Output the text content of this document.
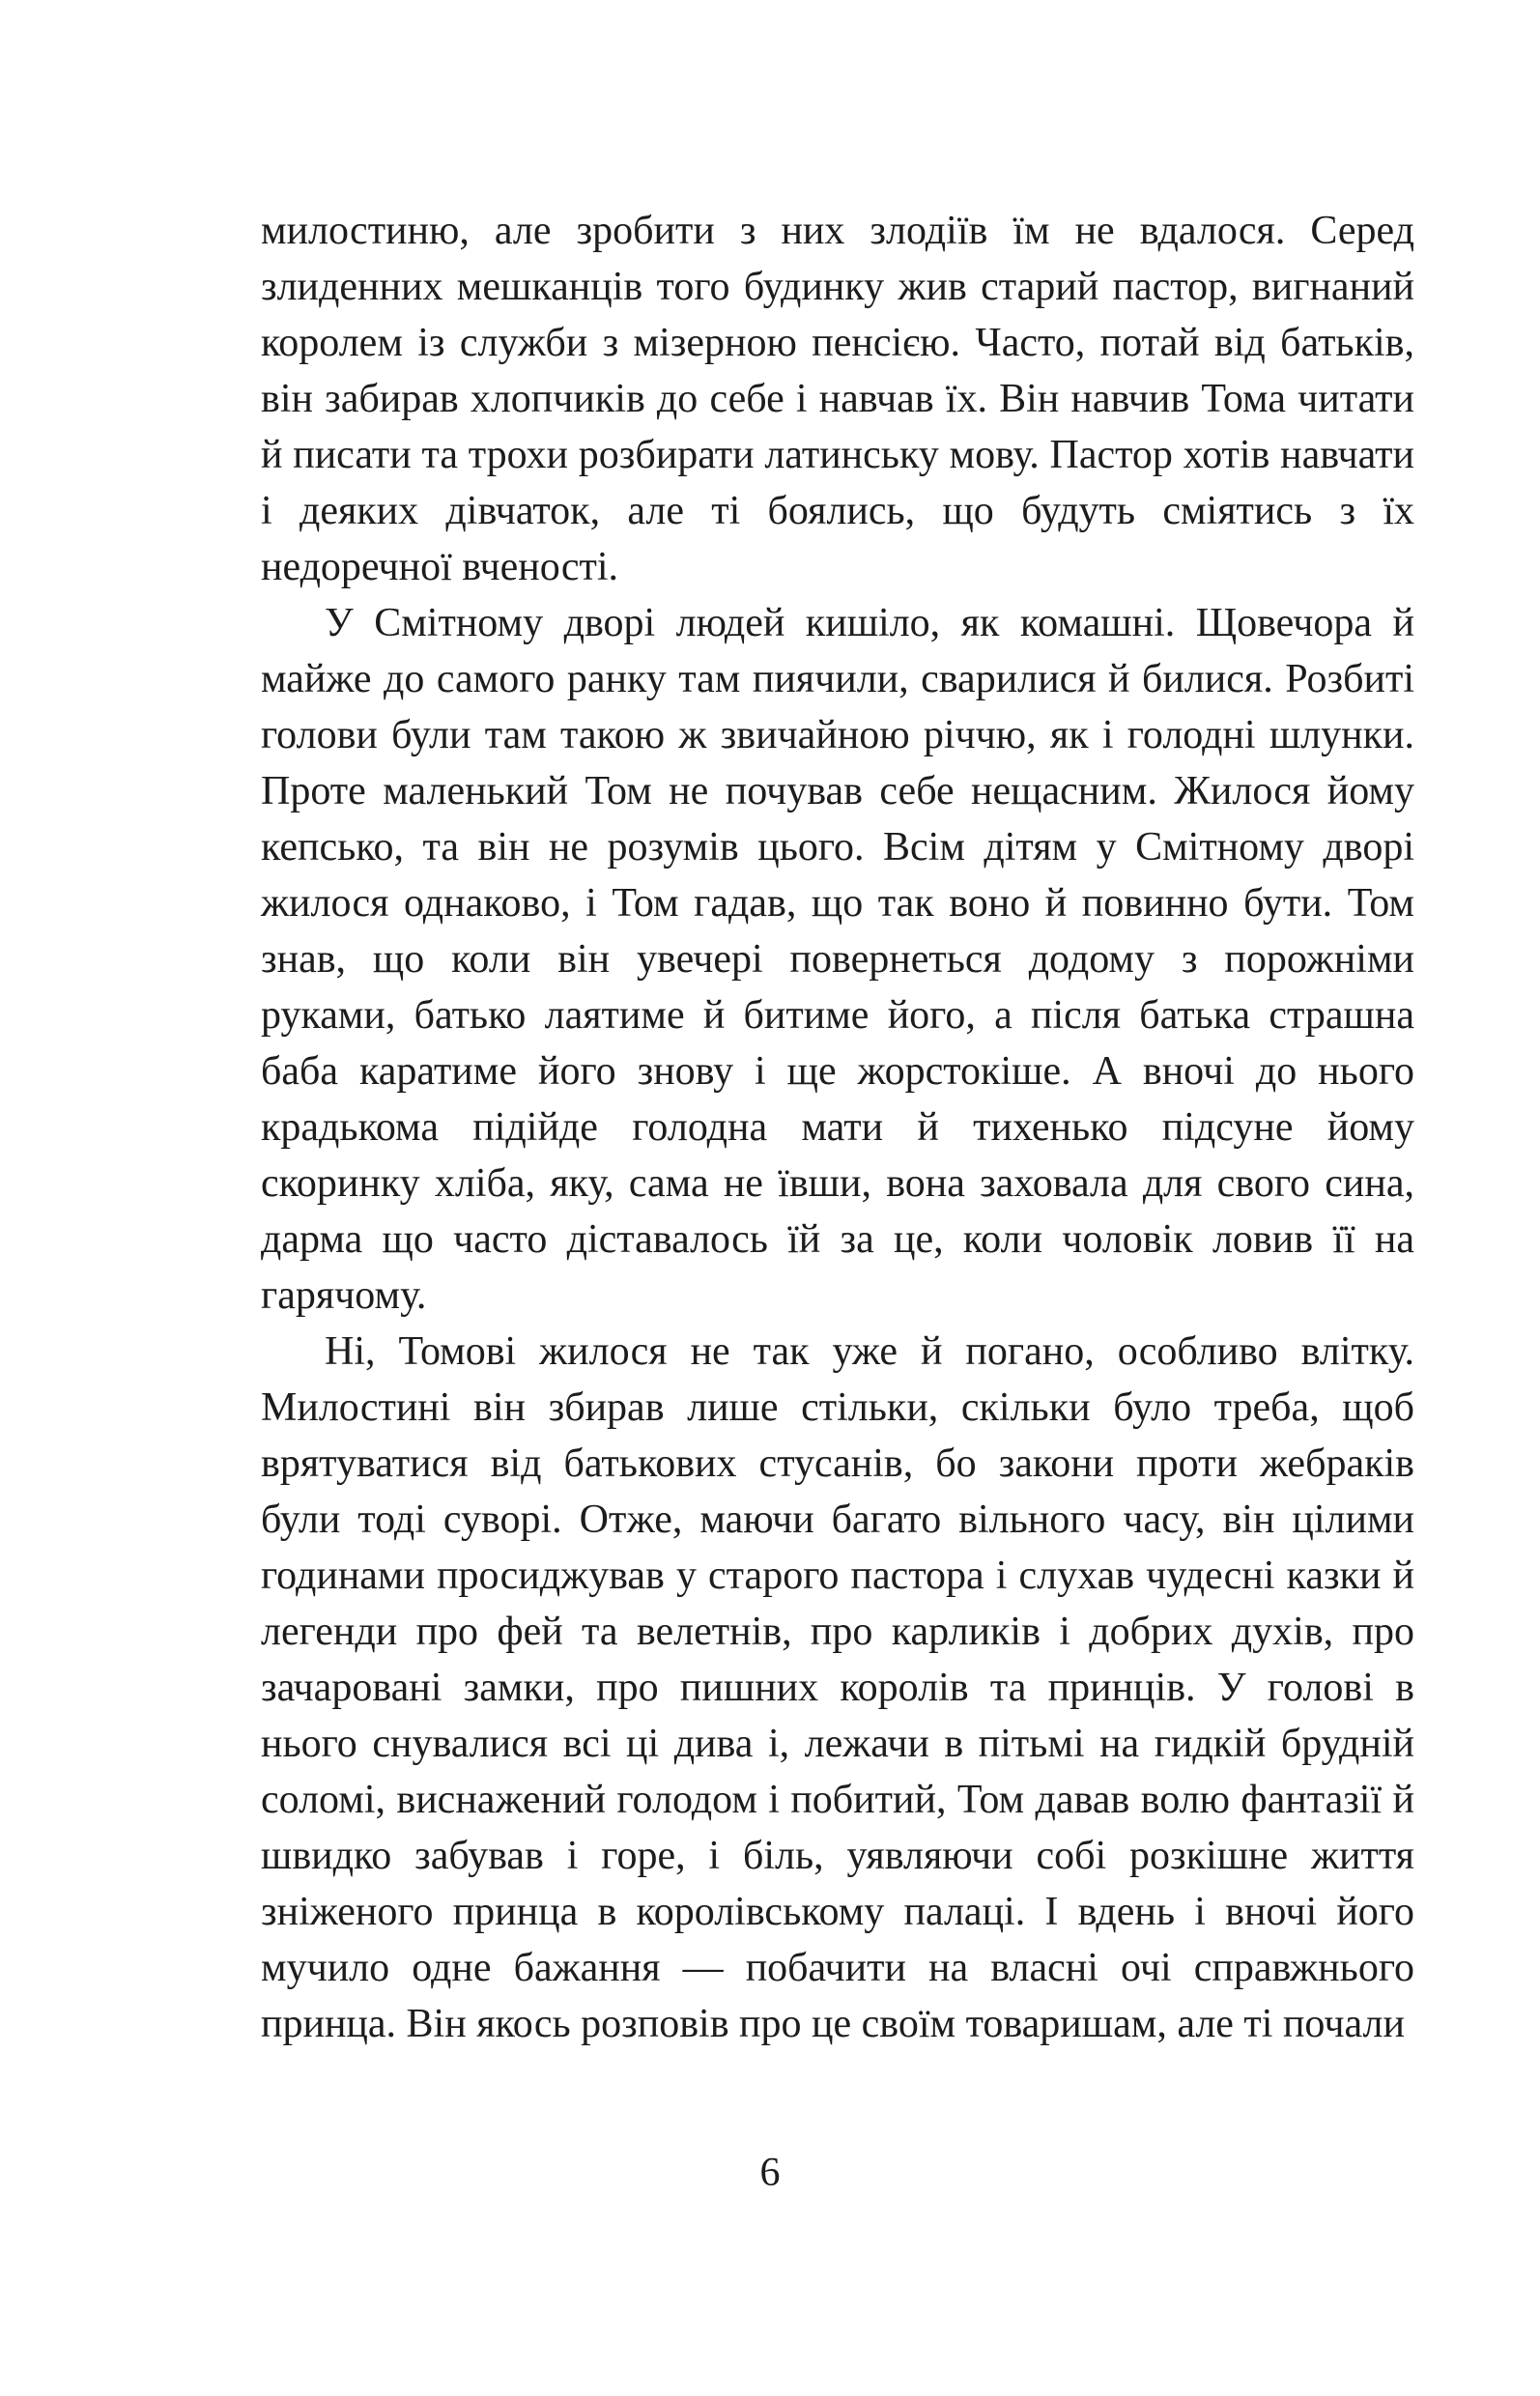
милостиню, але зробити з них злодіїв їм не вдалося. Серед злиденних мешканців того будинку жив старий пастор, вигнаний королем із служби з мізерною пенсією. Часто, потай від батьків, він забирав хлопчиків до себе і навчав їх. Він навчив Тома читати й писати та трохи розбирати латинську мову. Пастор хотів навчати і деяких дівчаток, але ті боялись, що будуть сміятись з їх недоречної вченості.

У Смітному дворі людей кишіло, як комашні. Щовечора й майже до самого ранку там пиячили, сварилися й билися. Розбиті голови були там такою ж звичайною річчю, як і голодні шлунки. Проте маленький Том не почував себе нещасним. Жилося йому кепсько, та він не розумів цього. Всім дітям у Смітному дворі жилося однаково, і Том гадав, що так воно й повинно бути. Том знав, що коли він увечері повернеться додому з порожніми руками, батько лаятиме й битиме його, а після батька страшна баба каратиме його знову і ще жорстокіше. А вночі до нього крадькома підійде голодна мати й тихенько підсуне йому скоринку хліба, яку, сама не ївши, вона заховала для свого сина, дарма що часто діставалось їй за це, коли чоловік ловив її на гарячому.

Ні, Томові жилося не так уже й погано, особливо влітку. Милостині він збирав лише стільки, скільки було треба, щоб врятуватися від батькових стусанів, бо закони проти жебраків були тоді суворі. Отже, маючи багато вільного часу, він цілими годинами просиджував у старого пастора і слухав чудесні казки й легенди про фей та велетнів, про карликів і добрих духів, про зачаровані замки, про пишних королів та принців. У голові в нього снувалися всі ці дива і, лежачи в пітьмі на гидкій брудній соломі, виснажений голодом і побитий, Том давав волю фантазії й швидко забував і горе, і біль, уявляючи собі розкішне життя зніженого принца в королівському палаці. І вдень і вночі його мучило одне бажання — побачити на власні очі справжнього принца. Він якось розповів про це своїм товаришам, але ті почали

6
